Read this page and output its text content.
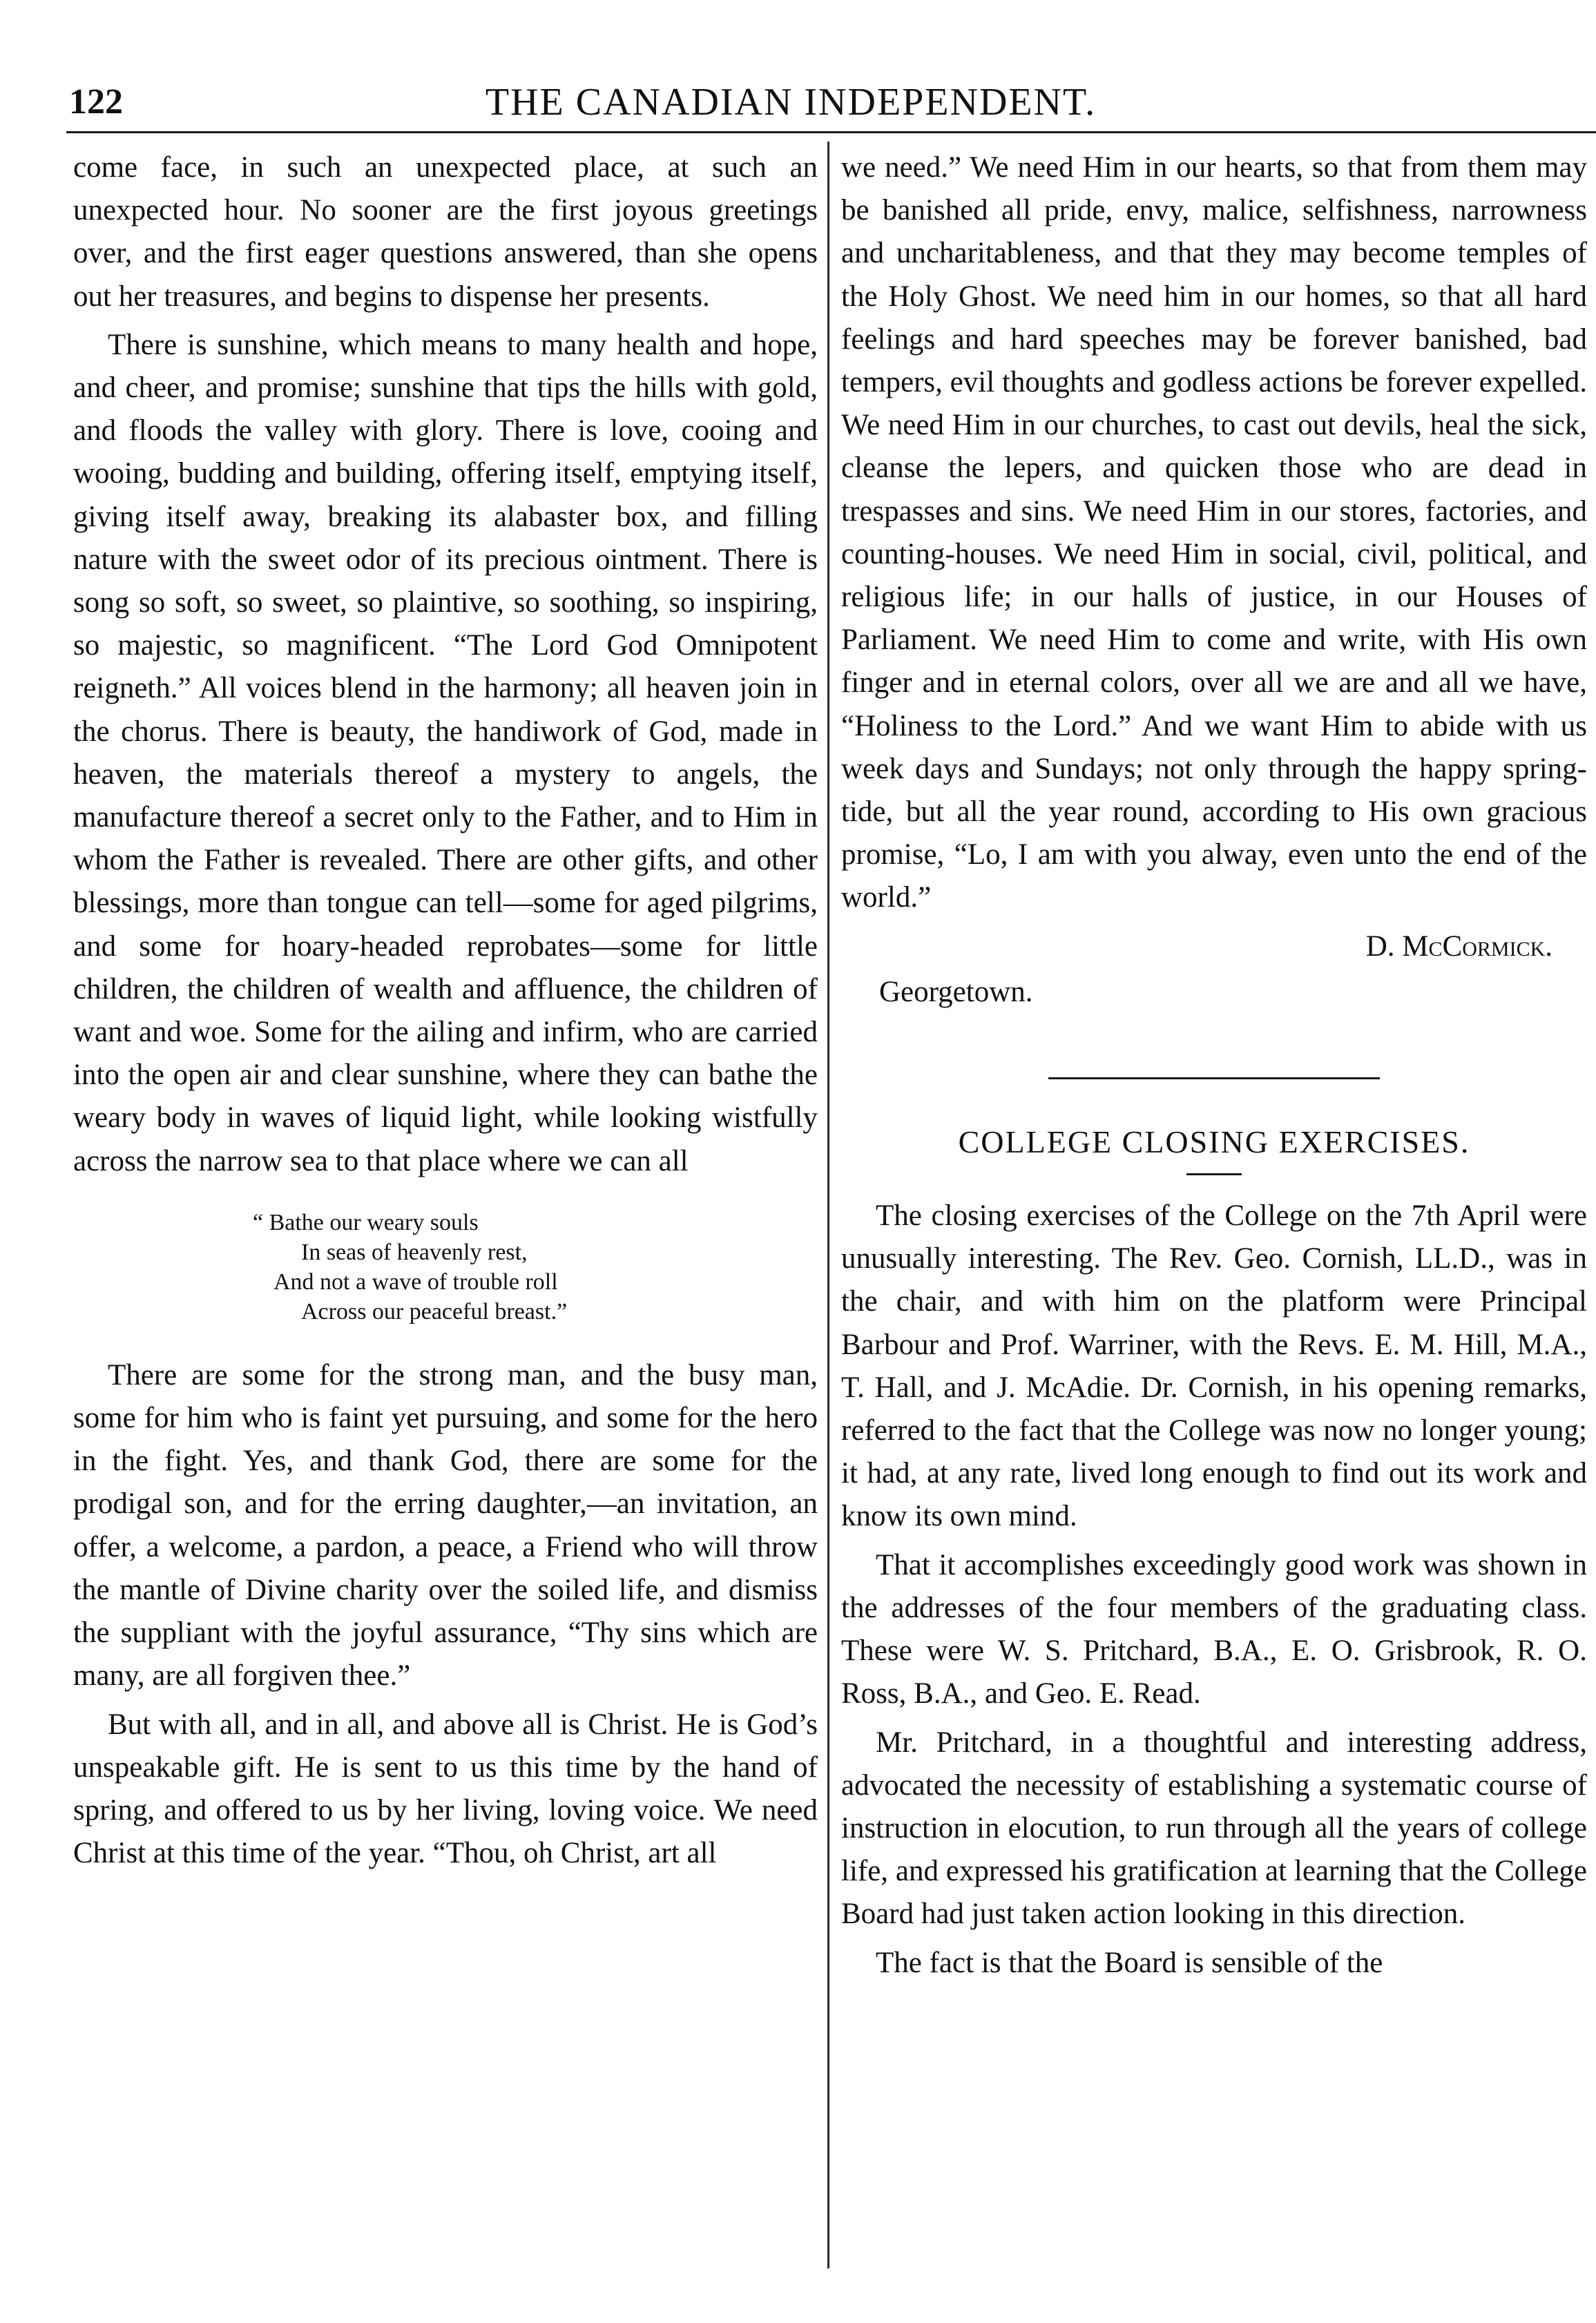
122	THE CANADIAN INDEPENDENT.

come face, in such an unexpected place, at such an unexpected hour. No sooner are the first joyous greetings over, and the first eager questions answered, than she opens out her treasures, and begins to dispense her presents.

There is sunshine, which means to many health and hope, and cheer, and promise; sunshine that tips the hills with gold, and floods the valley with glory. There is love, cooing and wooing, budding and building, offering itself, emptying itself, giving itself away, breaking its alabaster box, and filling nature with the sweet odor of its precious ointment. There is song so soft, so sweet, so plaintive, so soothing, so inspiring, so majestic, so magnificent. “The Lord God Omnipotent reigneth.” All voices blend in the harmony; all heaven join in the chorus. There is beauty, the handiwork of God, made in heaven, the materials thereof a mystery to angels, the manufacture thereof a secret only to the Father, and to Him in whom the Father is revealed. There are other gifts, and other blessings, more than tongue can tell—some for aged pilgrims, and some for hoary-headed reprobates—some for little children, the children of wealth and affluence, the children of want and woe. Some for the ailing and infirm, who are carried into the open air and clear sunshine, where they can bathe the weary body in waves of liquid light, while looking wistfully across the narrow sea to that place where we can all

“ Bathe our weary souls
In seas of heavenly rest,
And not a wave of trouble roll
Across our peaceful breast.”

There are some for the strong man, and the busy man, some for him who is faint yet pursuing, and some for the hero in the fight. Yes, and thank God, there are some for the prodigal son, and for the erring daughter,—an invitation, an offer, a welcome, a pardon, a peace, a Friend who will throw the mantle of Divine charity over the soiled life, and dismiss the suppliant with the joyful assurance, “Thy sins which are many, are all forgiven thee.”

But with all, and in all, and above all is Christ. He is God’s unspeakable gift. He is sent to us this time by the hand of spring, and offered to us by her living, loving voice. We need Christ at this time of the year. “Thou, oh Christ, art all

we need.” We need Him in our hearts, so that from them may be banished all pride, envy, malice, selfishness, narrowness and uncharitableness, and that they may become temples of the Holy Ghost. We need him in our homes, so that all hard feelings and hard speeches may be forever banished, bad tempers, evil thoughts and godless actions be forever expelled. We need Him in our churches, to cast out devils, heal the sick, cleanse the lepers, and quicken those who are dead in trespasses and sins. We need Him in our stores, factories, and counting-houses. We need Him in social, civil, political, and religious life; in our halls of justice, in our Houses of Parliament. We need Him to come and write, with His own finger and in eternal colors, over all we are and all we have, “Holiness to the Lord.” And we want Him to abide with us week days and Sundays; not only through the happy spring-tide, but all the year round, according to His own gracious promise, “Lo, I am with you alway, even unto the end of the world.”

D. McCormick.
Georgetown.
COLLEGE CLOSING EXERCISES.

The closing exercises of the College on the 7th April were unusually interesting. The Rev. Geo. Cornish, LL.D., was in the chair, and with him on the platform were Principal Barbour and Prof. Warriner, with the Revs. E. M. Hill, M.A., T. Hall, and J. McAdie. Dr. Cornish, in his opening remarks, referred to the fact that the College was now no longer young; it had, at any rate, lived long enough to find out its work and know its own mind.

That it accomplishes exceedingly good work was shown in the addresses of the four members of the graduating class. These were W. S. Pritchard, B.A., E. O. Grisbrook, R. O. Ross, B.A., and Geo. E. Read.

Mr. Pritchard, in a thoughtful and interesting address, advocated the necessity of establishing a systematic course of instruction in elocution, to run through all the years of college life, and expressed his gratification at learning that the College Board had just taken action looking in this direction.

The fact is that the Board is sensible of the
